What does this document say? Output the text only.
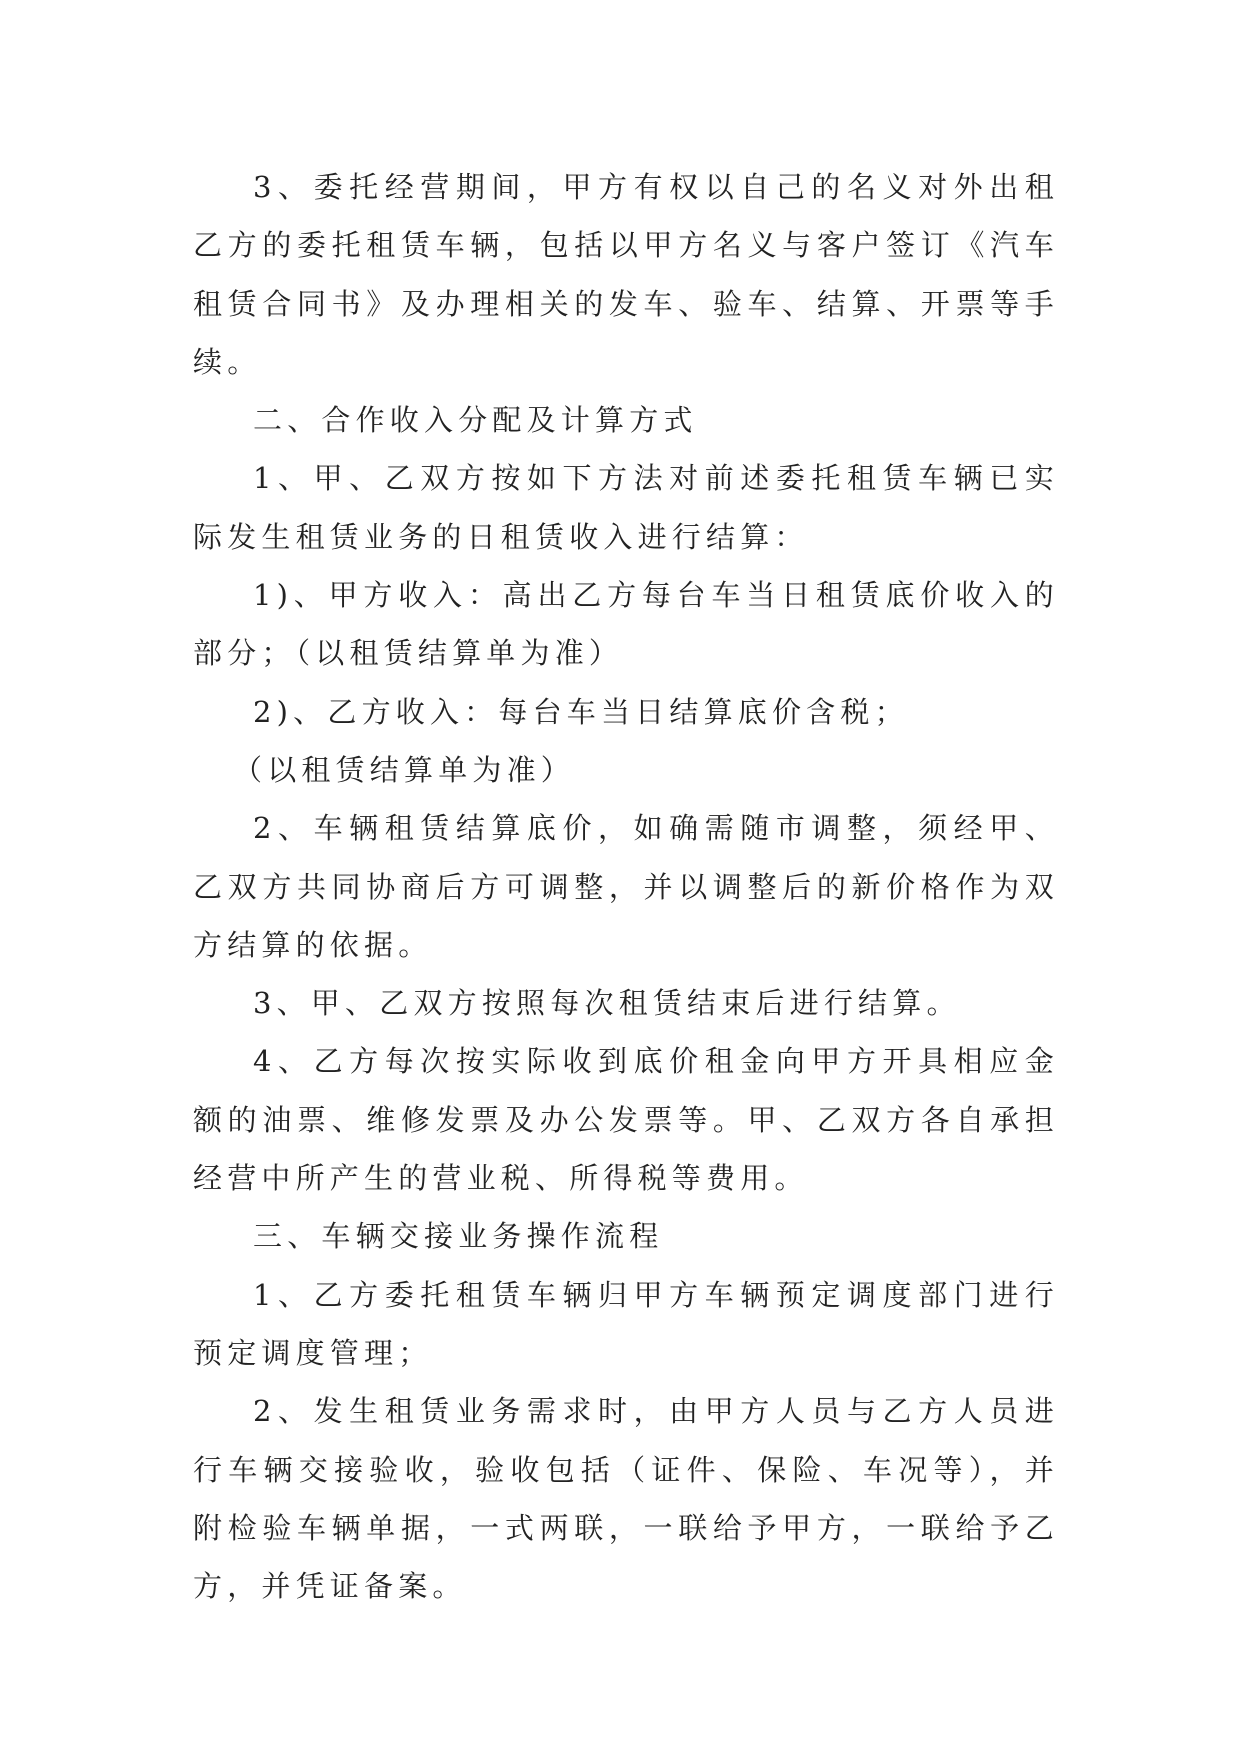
3、委托经营期间，甲方有权以自己的名义对外出租乙方的委托租赁车辆，包括以甲方名义与客户签订《汽车租赁合同书》及办理相关的发车、验车、结算、开票等手续。

二、合作收入分配及计算方式

1、甲、乙双方按如下方法对前述委托租赁车辆已实际发生租赁业务的日租赁收入进行结算：

1)、甲方收入：高出乙方每台车当日租赁底价收入的部分；（以租赁结算单为准）

2)、乙方收入：每台车当日结算底价含税；

（以租赁结算单为准）

2、车辆租赁结算底价，如确需随市调整，须经甲、乙双方共同协商后方可调整，并以调整后的新价格作为双方结算的依据。

3、甲、乙双方按照每次租赁结束后进行结算。

4、乙方每次按实际收到底价租金向甲方开具相应金额的油票、维修发票及办公发票等。甲、乙双方各自承担经营中所产生的营业税、所得税等费用。

三、车辆交接业务操作流程

1、乙方委托租赁车辆归甲方车辆预定调度部门进行预定调度管理；

2、发生租赁业务需求时，由甲方人员与乙方人员进行车辆交接验收，验收包括（证件、保险、车况等），并附检验车辆单据，一式两联，一联给予甲方，一联给予乙方，并凭证备案。
